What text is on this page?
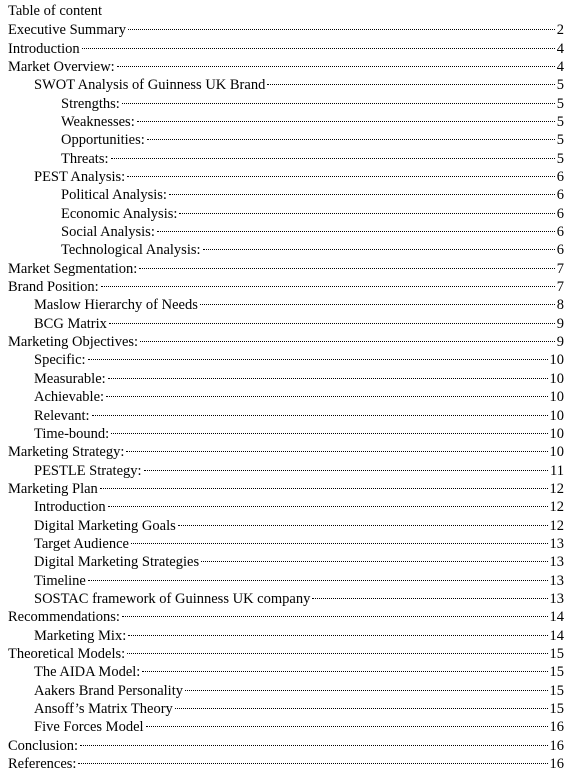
Table of content
Executive Summary	2
Introduction	4
Market Overview:	4
SWOT Analysis of Guinness UK Brand	5
Strengths:	5
Weaknesses:	5
Opportunities:	5
Threats:	5
PEST Analysis:	6
Political Analysis:	6
Economic Analysis:	6
Social Analysis:	6
Technological Analysis:	6
Market Segmentation:	7
Brand Position:	7
Maslow Hierarchy of Needs	8
BCG Matrix	9
Marketing Objectives:	9
Specific:	10
Measurable:	10
Achievable:	10
Relevant:	10
Time-bound:	10
Marketing Strategy:	10
PESTLE Strategy:	11
Marketing Plan	12
Introduction	12
Digital Marketing Goals	12
Target Audience	13
Digital Marketing Strategies	13
Timeline	13
SOSTAC framework of Guinness UK company	13
Recommendations:	14
Marketing Mix:	14
Theoretical Models:	15
The AIDA Model:	15
Aakers Brand Personality	15
Ansoff’s Matrix Theory	15
Five Forces Model	16
Conclusion:	16
References:	16
